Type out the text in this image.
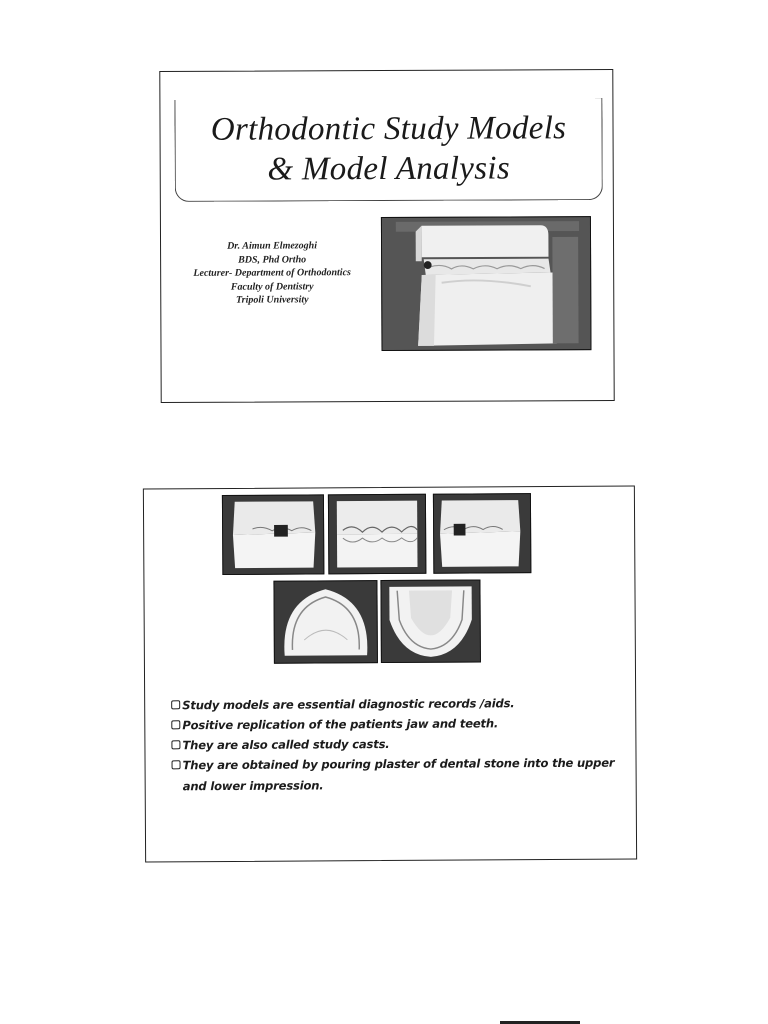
Orthodontic Study Models
& Model Analysis
Dr. Aimun Elmezoghi
BDS, Phd Ortho
Lecturer- Department of Orthodontics
Faculty of Dentistry
Tripoli University
Study models are essential diagnostic records /aids.
Positive replication of the patients jaw and teeth.
They are also called study casts.
They are obtained by pouring plaster of dental stone into the upper and lower impression.
